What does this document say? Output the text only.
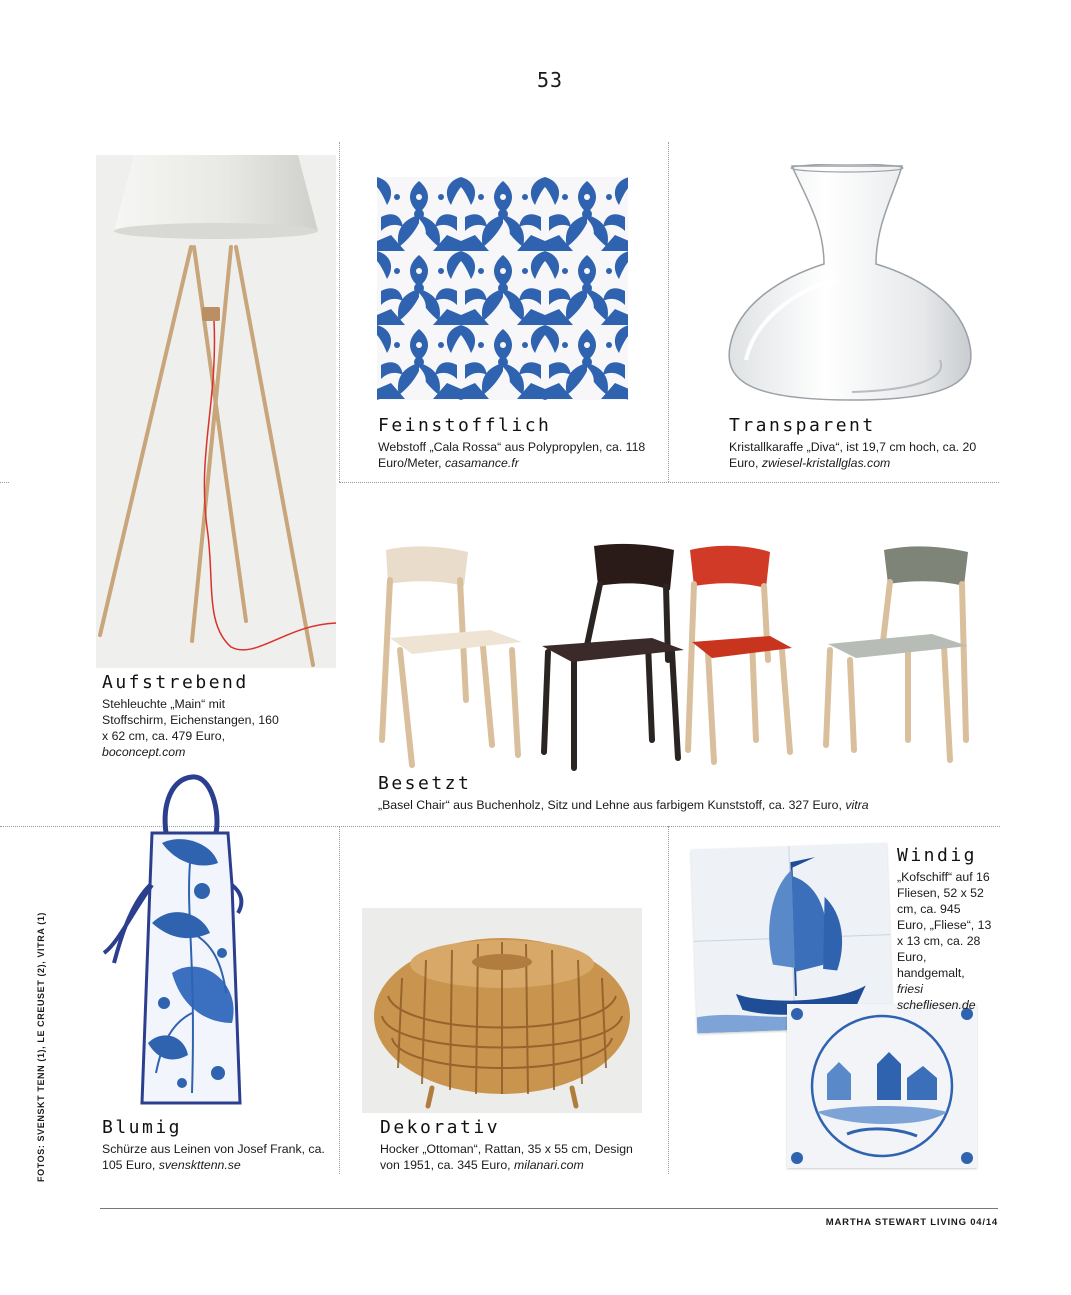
53
Aufstrebend
Stehleuchte „Main“ mit Stoffschirm, Eichenstangen, 160 x 62 cm, ca. 479 Euro, boconcept.com
Feinstofflich
Webstoff „Cala Rossa“ aus Polypropylen, ca. 118 Euro/Meter, casamance.fr
Transparent
Kristallkaraffe „Diva“, ist 19,7 cm hoch, ca. 20 Euro, zwiesel-kristallglas.com
Besetzt
„Basel Chair“ aus Buchenholz, Sitz und Lehne aus farbigem Kunststoff, ca. 327 Euro, vitra
Blumig
Schürze aus Leinen von Josef Frank, ca. 105 Euro, svenskttenn.se
Dekorativ
Hocker „Ottoman“, Rattan, 35 x 55 cm, Design von 1951, ca. 345 Euro, milanari.com
Windig
„Kofschiff“ auf 16 Fliesen, 52 x 52 cm, ca. 945 Euro, „Fliese“, 13 x 13 cm, ca. 28 Euro, handgemalt, friesi schefliesen.de
FOTOS: SVENSKT TENN (1), LE CREUSET (2), VITRA (1)
MARTHA STEWART LIVING 04/14
